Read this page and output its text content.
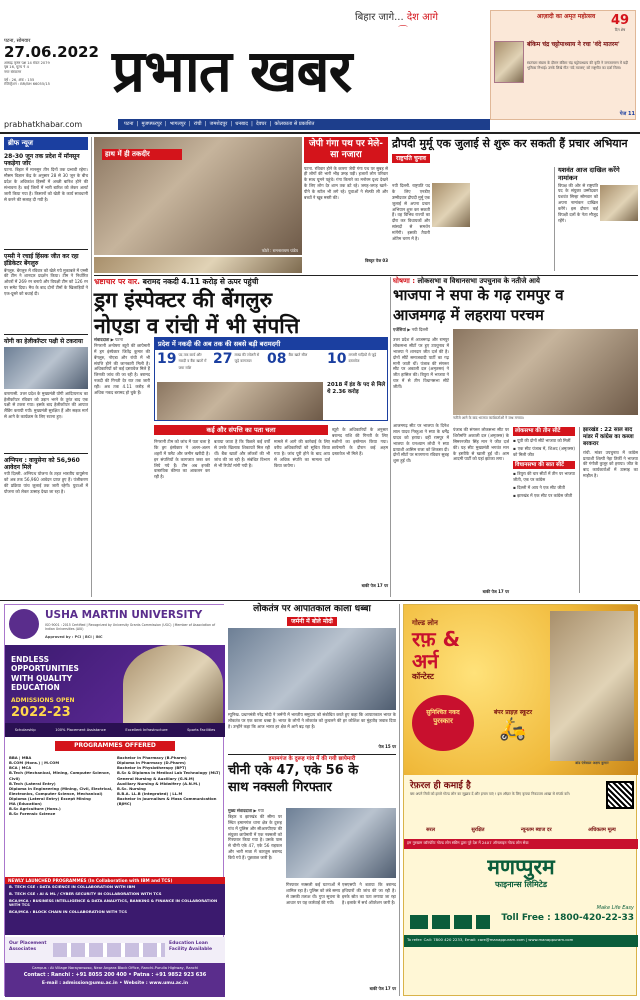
पटना, सोमवार
27.06.2022
आषाढ़ कृष्ण पक्ष 14 संवत 2079
पृष्ठ 16, मूल्य ₹ 4
नगर संस्करण
वर्ष : 26, अंक : 155
रजिस्ट्रेशन : BR/BH 66055/15	प्रभात खबर
बिहार जागे... देश आगे
⌒
आज़ादी का अमृत महोत्सव	49
दिन शेष
बंकिम चंद्र चट्टोपाध्याय ने रचा 'वंदे मातरम'
स्वतंत्रता संग्राम के दौरान बंकिम चंद्र चट्टोपाध्याय की कृति ने जनजागरण में बड़ी भूमिका निभाई। उनके लिखे गीत 'वंदे मातरम्' को राष्ट्रगीत का दर्जा मिला।
पेज 11
prabhatkhabar.com	पटना  |  मुजफ्फरपुर  |  भागलपुर  |  रांची  |  जमशेदपुर  |  धनबाद  |  देवघर  |  कोलकाता से प्रकाशित
ब्रीफ न्यूज
28-30 जून तक प्रदेश में मॉनसून पकड़ेगा जोर
पटना. बिहार में मानसून तीन दिनों तक प्रभावी रहेगा। मौसम विज्ञान केंद्र के अनुसार 28 से 30 जून के बीच प्रदेश के अधिकांश हिस्सों में अच्छी बारिश होने की संभावना है। कई जिलों में भारी बारिश को लेकर अलर्ट जारी किया गया है। किसानों को खेती के कार्य सावधानी से करने की सलाह दी गयी है।
एम्सी ने रचाई हिंसक जीत कर रहा इंडिकेटर बेंगलुरु
बेंगलुरु. बेंगलुरु में रविवार को खेले गये मुकाबले में एम्सी की टीम ने शानदार प्रदर्शन किया। टीम ने निर्धारित ओवरों में 269 रन बनाये और विपक्षी टीम को 126 रन पर समेट दिया। मैच के बाद दोनों टीमों के खिलाड़ियों ने एक-दूसरे को बधाई दी।
योगी का हेलीकॉप्टर पक्षी से टकराया
वाराणसी. उत्तर प्रदेश के मुख्यमंत्री योगी आदित्यनाथ का हेलीकॉप्टर रविवार को उड़ान भरने के तुरंत बाद एक पक्षी से टकरा गया। इसके बाद हेलीकॉप्टर की आपात लैंडिंग करायी गयी। मुख्यमंत्री सुरक्षित हैं और सड़क मार्ग से आगे के कार्यक्रम के लिए रवाना हुए।
अग्निपथ : वायुसेना को 56,960 आवेदन मिले
नयी दिल्ली. अग्निपथ योजना के तहत भारतीय वायुसेना को अब तक 56,960 आवेदन प्राप्त हुए हैं। पंजीकरण की प्रक्रिया पांच जुलाई तक जारी रहेगी। युवाओं में योजना को लेकर उत्साह देखा जा रहा है।
हाथ में ही तकदीर
फोटो : रामनारायण पांडेय
जेपी गंगा पथ पर मेले-सा नजारा
पटना. रविवार होने के कारण जेपी गंगा पथ पर सुबह से ही लोगों की भारी भीड़ उमड़ पड़ी। हजारों लोग परिवार के साथ घूमने पहुंचे। गंगा किनारे का मनोरम दृश्य देखने के लिए लोग देर शाम तक डटे रहे। जगह-जगह खाने-पीने के स्टॉल भी लगे रहे। युवाओं ने सेल्फी ली और बच्चों ने खूब मस्ती की।
विस्तृत पेज 03
द्रौपदी मुर्मू एक जुलाई से शुरू कर सकती हैं प्रचार अभियान
राष्ट्रपति चुनाव
नयी दिल्ली. राष्ट्रपति पद के लिए एनडीए उम्मीदवार द्रौपदी मुर्मू एक जुलाई से अपना प्रचार अभियान शुरू कर सकती हैं। वह विभिन्न राज्यों का दौरा कर विधायकों और सांसदों से समर्थन मांगेंगी। इसकी तैयारी अंतिम चरण में है।
यशवंत आज दाखिल करेंगे नामांकन
विपक्ष की ओर से राष्ट्रपति पद के संयुक्त उम्मीदवार यशवंत सिन्हा सोमवार को अपना नामांकन दाखिल करेंगे। इस दौरान कई विपक्षी दलों के नेता मौजूद रहेंगे।
भ्रष्टाचार पर वार. बरामद नकदी 4.11 करोड़ से ऊपर पहुंची
ड्रग इंस्पेक्टर की बेंगलुरु
नोएडा व रांची में भी संपत्ति
संवाददाता ▶ पटना
निगरानी अन्वेषण ब्यूरो की छापेमारी में ड्रग इंस्पेक्टर जितेंद्र कुमार की बेंगलुरु, नोएडा और रांची में भी संपत्ति होने की जानकारी मिली है। अधिकारियों को कई दस्तावेज मिले हैं जिनकी जांच की जा रही है। बरामद नकदी की गिनती देर रात तक जारी रही। अब तक 4.11 करोड़ से अधिक नकद बरामद हो चुके हैं।
प्रदेश में नकदी की अब तक की सबसे बड़ी बरामदगी
19 पद तक कार्य और नकदी व बैंक खातों में जमा राशि
27 लाख की ज्वेलरी से जुड़े कागजात	08 बैंक खाते सील	10 लग्जरी गाड़ियों से जुड़े दस्तावेज
2018 में इंड के पद से मिले थे 2.36 करोड़
कई और संपत्ति का पता चला
निगरानी टीम को जांच में पता चला है कि ड्रग इंस्पेक्टर ने अलग-अलग शहरों में फ्लैट और जमीन खरीदी है। इन संपत्तियों के कागजात जब्त कर लिये गये हैं। टीम अब इनकी वास्तविक कीमत का आकलन कर रही है।
बताया जाता है कि पिछले कई वर्षों से उनके खिलाफ शिकायतें मिल रही थीं। बैंक खातों और लॉकरों की भी जांच की जा रही है। संबंधित विभाग से भी रिपोर्ट मांगी गयी है।
मामले में आगे की कार्रवाई के लिए वरीय अधिकारियों को सूचित किया गया है। जांच पूरी होने के बाद आय से अधिक संपत्ति का मामला दर्ज किया जायेगा।
ब्यूरो के अधिकारियों के अनुसार बरामद राशि की गिनती के लिए मशीनों का इस्तेमाल किया गया। छापेमारी के दौरान कई अहम दस्तावेज भी मिले हैं।
बाकी पेज 17 पर
घोषणा : लोकसभा व विधानसभा उपचुनाव के नतीजे आये
भाजपा ने सपा के गढ़ रामपुर व
आजमगढ़ में लहराया परचम
एजेंसियां ▶ नयी दिल्ली
उत्तर प्रदेश में आजमगढ़ और रामपुर लोकसभा सीटों पर हुए उपचुनाव में भाजपा ने शानदार जीत दर्ज की है। दोनों सीटें समाजवादी पार्टी का गढ़ मानी जाती थीं। पंजाब की संगरूर सीट पर अकाली दल (अमृतसर) ने जीत हासिल की। त्रिपुरा में भाजपा ने चार में से तीन विधानसभा सीटें जीतीं।
नतीजे आने के बाद भाजपा कार्यकर्ताओं ने जश्न मनाया।
आजमगढ़ सीट पर भाजपा के दिनेश लाल यादव निरहुआ ने सपा के धर्मेंद्र यादव को हराया। वहीं रामपुर में भाजपा के घनश्याम लोधी ने सपा प्रत्याशी आसिम राजा को शिकस्त दी। दोनों सीटों पर मतगणना रविवार सुबह शुरू हुई थी।
पंजाब की संगरूर लोकसभा सीट पर शिरोमणि अकाली दल (अमृतसर) के सिमरनजीत सिंह मान ने जीत दर्ज की। यह सीट मुख्यमंत्री भगवंत मान के इस्तीफे से खाली हुई थी। आम आदमी पार्टी को यहां झटका लगा।
लोकसभा की तीन सीटें
▪ यूपी की दोनों सीटें भाजपा को मिलीं
▪ एक सीट पंजाब में, शिअद (अमृतसर) को मिली जीत
विधानसभा की सात सीटें
▪ त्रिपुरा की चार सीटों में तीन पर भाजपा जीती, एक पर कांग्रेस
▪ दिल्ली में आप ने एक सीट जीती
▪ झारखंड में एक सीट पर कांग्रेस जीती
झारखंड : 22 साल बाद मांडर में कांग्रेस का कब्जा बरकरार
रांची. मांडर उपचुनाव में कांग्रेस प्रत्याशी शिल्पी नेहा तिर्की ने भाजपा की गंगोत्री कुजूर को हराया। जीत के बाद कार्यकर्ताओं में उत्साह का माहौल है।
बाकी पेज 17 पर
USHA MARTIN UNIVERSITY
ISO 9001 : 2015 Certified | Recognized by University Grants Commission (UGC) | Member of Association of Indian Universities (AIU)
Approved by : PCI | BCI | INC
ENDLESS
OPPORTUNITIES
WITH QUALITY
EDUCATION
ADMISSIONS OPEN
2022-23
Scholarship	100% Placement Assistance	Excellent Infrastructure	Sports Facilities
PROGRAMMES OFFERED
BBA | MBA
B.COM (Hons.) | M.COM
BCA | MCA
B.Tech (Mechanical, Mining, Computer Science, Civil)
B.Tech (Lateral Entry)
Diploma in Engineering (Mining, Civil, Electrical, Electronics, Computer Science, Mechanical)
Diploma (Lateral Entry) Except Mining
MA (Education)
B.Sc Agriculture (Hons.)
B.Sc Forensic Science
Bachelor in Pharmacy (B.Pharm)
Diploma in Pharmacy (D.Pharm)
Bachelor in Physiotherapy (BPT)
B.Sc & Diploma in Medical Lab Technology (MLT)
General Nursing & Auxiliary (G.N.M)
Auxiliary Nursing & Midwifery (A.N.M.)
B.Sc. Nursing
B.B.A. LL.B (Integrated) | LL.M
Bachelor in Journalism & Mass Communication (BJMC)
NEWLY LAUNCHED PROGRAMMES (In Collaboration with IBM and TCS)
B. TECH CSE : DATA SCIENCE IN COLLABORATION WITH IBM
B. TECH CSE : AI & ML / CYBER SECURITY IN COLLABORATION WITH TCS
BCA/MCA : BUSINESS INTELLIGENCE & DATA ANALYTICS, BANKING & FINANCE IN COLLABORATION WITH TCS
BCA/MCA : BLOCK CHAIN IN COLLABORATION WITH TCS
Our Placement Associates
Education Loan Facility Available
Campus : At Village Narayansoso, Near Angara Block Office, Ranchi-Purulia Highway, Ranchi
Contact : Ranchi : +91 8055 200 400 • Patna : +91 9852 923 636
E-mail : admission@umu.ac.in • Website : www.umu.ac.in
लोकतंत्र पर आपातकाल काला धब्बा
जर्मनी में बोले मोदी
म्यूनिख. प्रधानमंत्री नरेंद्र मोदी ने जर्मनी में भारतीय समुदाय को संबोधित करते हुए कहा कि आपातकाल भारत के लोकतंत्र पर एक काला धब्बा है। भारत के लोगों ने लोकतंत्र को कुचलने की हर कोशिश का मुंहतोड़ जवाब दिया है। उन्होंने कहा कि आज भारत हर क्षेत्र में आगे बढ़ रहा है।
पेज 15 पर
इमामगंज के दुरूह गांव में की गयी छापेमारी
चीनी एके 47, एके 56 के
साथ नक्सली गिरफ्तार
मुख्य संवाददाता ▶ गया
बिहार व झारखंड की सीमा पर स्थित इमामगंज थाना क्षेत्र के दुरूह गांव में पुलिस और सीआरपीएफ की संयुक्त छापेमारी में एक नक्सली को गिरफ्तार किया गया है। उसके पास से चीनी एके 47, एके 56 राइफल और भारी मात्रा में कारतूस बरामद किये गये हैं। पूछताछ जारी है।
गिरफ्तार नक्सली कई घटनाओं में शामिल रहा है। पुलिस को लंबे समय से उसकी तलाश थी। गुप्त सूचना के आधार पर यह कार्रवाई की गयी।
एसएसपी ने बताया कि बरामद हथियारों की जांच की जा रही है। इनके स्रोत का पता लगाया जा रहा है। इलाके में सर्च ऑपरेशन जारी है।
बाकी पेज 17 पर
गोल्ड लोन
रफ़ &
अर्न
कॉन्टेस्ट
सुनिश्चित नकद
पुरस्कार
बंपर प्राइज़ स्कूटर
🛵
ब्रांड एंबेसडर अक्षय कुमार
रेफ़रल ही कमाई है
बस अपने मित्रों को हमारे गोल्ड लोन का सुझाव दें और इनाम पाएं ! इस ऑफ़र के लिए कृपया निकटतम शाखा से संपर्क करें।
सरल	सुरक्षित	न्यूनतम ब्याज दर	अधिकतम मूल्य
हम गुरुग्राम कॉरपोरेट गोल्ड लोन स्कीम द्वारा पूरे देश में 24X7 ऑनलाइन गोल्ड लोन सेवा
मणप्पुरम
फाइनान्स लिमिटेड
Make Life Easy
Toll Free : 1800-420-22-33
To refer: Call: 7800 420 2233, Email: care@manappuram.com | www.manappuram.com
